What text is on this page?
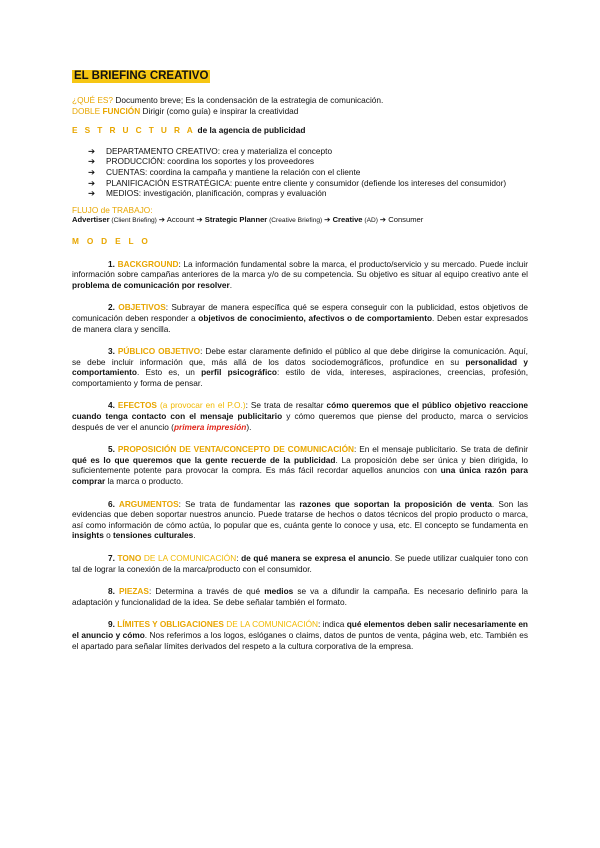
EL BRIEFING CREATIVO

¿QUÉ ES? Documento breve; Es la condensación de la estrategia de comunicación.

DOBLE FUNCIÓN Dirigir (como guía) e inspirar la creatividad

E S T R U C T U R A de la agencia de publicidad

➔ DEPARTAMENTO CREATIVO: crea y materializa el concepto
➔ PRODUCCIÓN: coordina los soportes y los proveedores
➔ CUENTAS: coordina la campaña y mantiene la relación con el cliente
➔ PLANIFICACIÓN ESTRATÉGICA: puente entre cliente y consumidor (defiende los intereses del consumidor)
➔ MEDIOS: investigación, planificación, compras y evaluación

FLUJO de TRABAJO:

Advertiser (Client Briefing) ➔ Account ➔ Strategic Planner (Creative Briefing) ➔ Creative (AD) ➔ Consumer

M O D E L O

1. BACKGROUND: La información fundamental sobre la marca, el producto/servicio y su mercado. Puede incluir información sobre campañas anteriores de la marca y/o de su competencia. Su objetivo es situar al equipo creativo ante el problema de comunicación por resolver.

2. OBJETIVOS: Subrayar de manera específica qué se espera conseguir con la publicidad, estos objetivos de comunicación deben responder a objetivos de conocimiento, afectivos o de comportamiento. Deben estar expresados de manera clara y sencilla.

3. PÚBLICO OBJETIVO: Debe estar claramente definido el público al que debe dirigirse la comunicación. Aquí, se debe incluir información que, más allá de los datos sociodemográficos, profundice en su personalidad y comportamiento. Esto es, un perfil psicográfico: estilo de vida, intereses, aspiraciones, creencias, profesión, comportamiento y forma de pensar.

4. EFECTOS (a provocar en el P.O.): Se trata de resaltar cómo queremos que el público objetivo reaccione cuando tenga contacto con el mensaje publicitario y cómo queremos que piense del producto, marca o servicios después de ver el anuncio (primera impresión).

5. PROPOSICIÓN DE VENTA/CONCEPTO DE COMUNICACIÓN: En el mensaje publicitario. Se trata de definir qué es lo que queremos que la gente recuerde de la publicidad. La proposición debe ser única y bien dirigida, lo suficientemente potente para provocar la compra. Es más fácil recordar aquellos anuncios con una única razón para comprar la marca o producto.

6. ARGUMENTOS: Se trata de fundamentar las razones que soportan la proposición de venta. Son las evidencias que deben soportar nuestros anuncio. Puede tratarse de hechos o datos técnicos del propio producto o marca, así como información de cómo actúa, lo popular que es, cuánta gente lo conoce y usa, etc. El concepto se fundamenta en insights o tensiones culturales.

7. TONO DE LA COMUNICACIÓN: de qué manera se expresa el anuncio. Se puede utilizar cualquier tono con tal de lograr la conexión de la marca/producto con el consumidor.

8. PIEZAS: Determina a través de qué medios se va a difundir la campaña. Es necesario definirlo para la adaptación y funcionalidad de la idea. Se debe señalar también el formato.

9. LÍMITES Y OBLIGACIONES DE LA COMUNICACIÓN: indica qué elementos deben salir necesariamente en el anuncio y cómo. Nos referimos a los logos, eslóganes o claims, datos de puntos de venta, página web, etc. También es el apartado para señalar límites derivados del respeto a la cultura corporativa de la empresa.
